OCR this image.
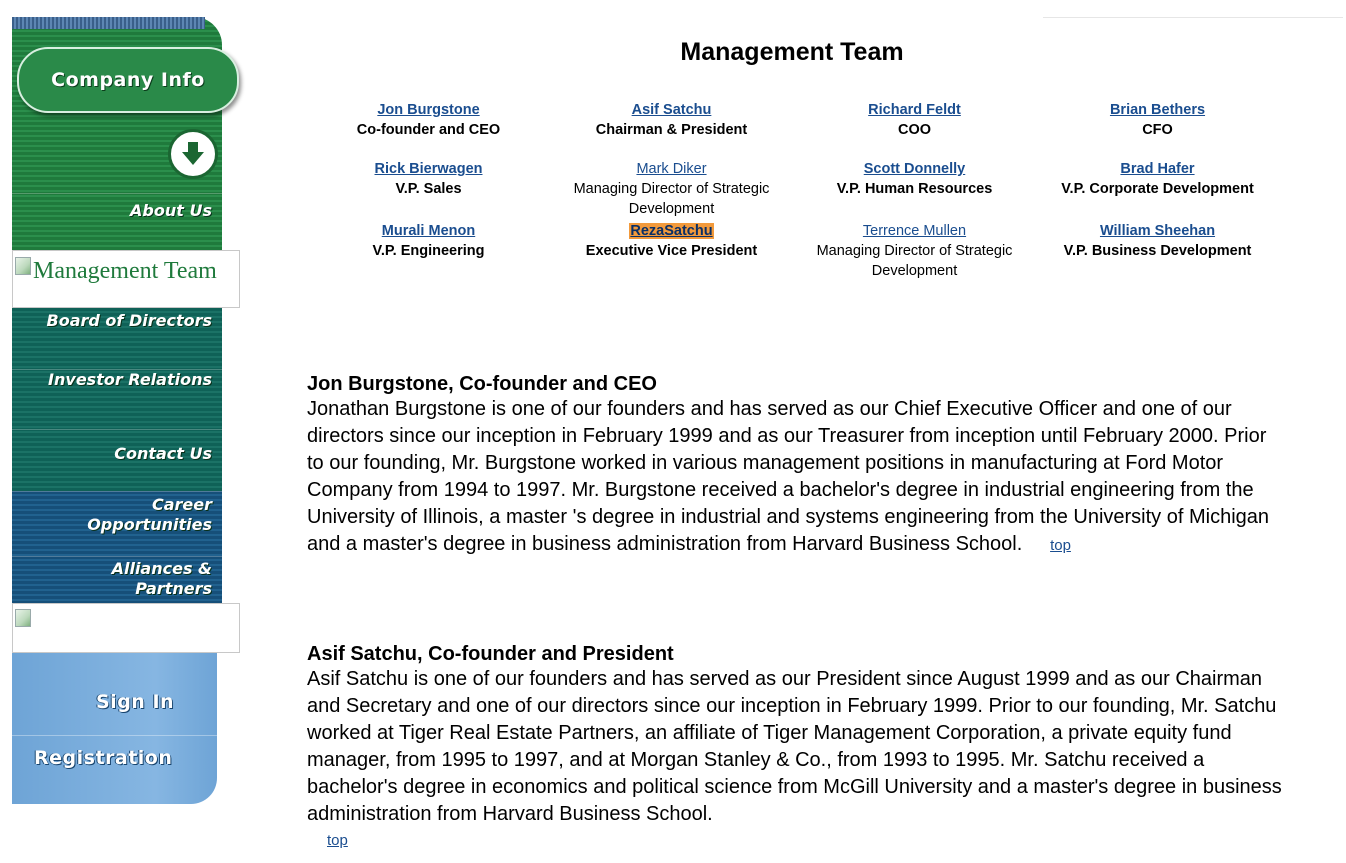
Company Info
About Us
Management Team
Board of Directors
Investor Relations
Contact Us
Career Opportunities
Alliances & Partners
Sign In
Registration
Management Team
Jon Burgstone
Co-founder and CEO
Asif Satchu
Chairman & President
Richard Feldt
COO
Brian Bethers
CFO
Rick Bierwagen
V.P. Sales
Mark Diker
Managing Director of Strategic Development
Scott Donnelly
V.P. Human Resources
Brad Hafer
V.P. Corporate Development
Murali Menon
V.P. Engineering
RezaSatchu
Executive Vice President
Terrence Mullen
Managing Director of Strategic Development
William Sheehan
V.P. Business Development
Jon Burgstone, Co-founder and CEO

Jonathan Burgstone is one of our founders and has served as our Chief Executive Officer and one of our directors since our inception in February 1999 and as our Treasurer from inception until February 2000. Prior to our founding, Mr. Burgstone worked in various management positions in manufacturing at Ford Motor Company from 1994 to 1997. Mr. Burgstone received a bachelor's degree in industrial engineering from the University of Illinois, a master 's degree in industrial and systems engineering from the University of Michigan and a master's degree in business administration from Harvard Business School. top

Asif Satchu, Co-founder and President

Asif Satchu is one of our founders and has served as our President since August 1999 and as our Chairman and Secretary and one of our directors since our inception in February 1999. Prior to our founding, Mr. Satchu worked at Tiger Real Estate Partners, an affiliate of Tiger Management Corporation, a private equity fund manager, from 1995 to 1997, and at Morgan Stanley & Co., from 1993 to 1995. Mr. Satchu received a bachelor's degree in economics and political science from McGill University and a master's degree in business administration from Harvard Business School.

top
